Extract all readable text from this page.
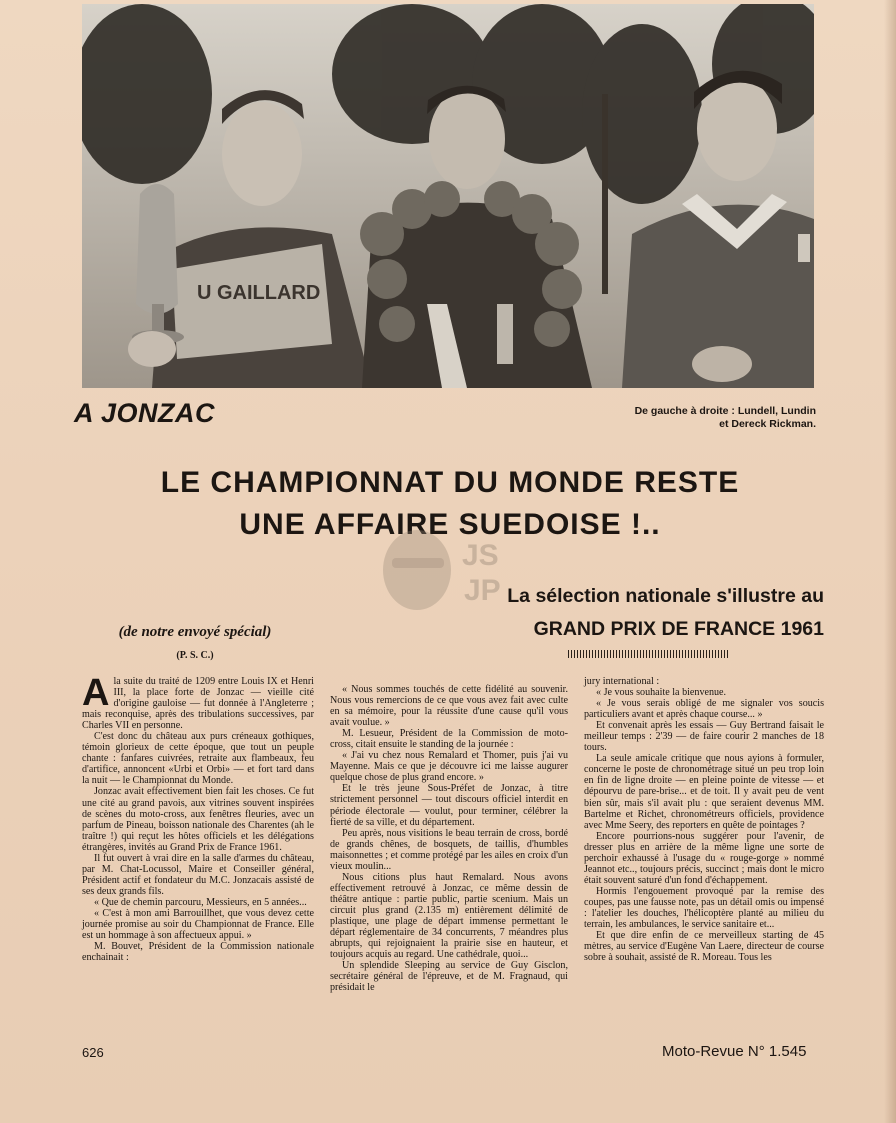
U GAILLARD
A JONZAC	De gauche à droite : Lundell, Lundin et Dereck Rickman.

LE CHAMPIONNAT DU MONDE RESTE
UNE AFFAIRE SUEDOISE !..
JS
JP La sélection nationale s'illustre au
GRAND PRIX DE FRANCE 1961

(de notre envoyé spécial)

(P. S. C.)

Ala suite du traité de 1209 entre Louis IX et Henri III, la place forte de Jonzac — vieille cité d'origine gauloise — fut donnée à l'Angleterre ; mais reconquise, après des tribulations successives, par Charles VII en personne.

C'est donc du château aux purs créneaux gothiques, témoin glorieux de cette époque, que tout un peuple chante : fanfares cuivrées, retraite aux flambeaux, feu d'artifice, annoncent «Urbi et Orbi» — et fort tard dans la nuit — le Championnat du Monde.

Jonzac avait effectivement bien fait les choses. Ce fut une cité au grand pavois, aux vitrines souvent inspirées de scènes du moto-cross, aux fenêtres fleuries, avec un parfum de Pineau, boisson nationale des Charentes (ah le traître !) qui reçut les hôtes officiels et les délégations étrangères, invités au Grand Prix de France 1961.

Il fut ouvert à vrai dire en la salle d'armes du château, par M. Chat-Locussol, Maire et Conseiller général, Président actif et fondateur du M.C. Jonzacais assisté de ses deux grands fils.

« Que de chemin parcouru, Messieurs, en 5 années...

« C'est à mon ami Barrouillhet, que vous devez cette journée promise au soir du Championnat de France. Elle est un hommage à son affectueux appui. »

M. Bouvet, Président de la Commission nationale enchainait :

« Nous sommes touchés de cette fidélité au souvenir. Nous vous remercions de ce que vous avez fait avec culte en sa mémoire, pour la réussite d'une cause qu'il vous avait voulue. »

M. Lesueur, Président de la Commission de moto-cross, citait ensuite le standing de la journée :

« J'ai vu chez nous Remalard et Thomer, puis j'ai vu Mayenne. Mais ce que je découvre ici me laisse augurer quelque chose de plus grand encore. »

Et le très jeune Sous-Préfet de Jonzac, à titre strictement personnel — tout discours officiel interdit en période électorale — voulut, pour terminer, célébrer la fierté de sa ville, et du département.

Peu après, nous visitions le beau terrain de cross, bordé de grands chênes, de bosquets, de taillis, d'humbles maisonnettes ; et comme protégé par les ailes en croix d'un vieux moulin...

Nous citions plus haut Remalard. Nous avons effectivement retrouvé à Jonzac, ce même dessin de théâtre antique : partie public, partie scenium. Mais un circuit plus grand (2.135 m) entièrement délimité de plastique, une plage de départ immense permettant le départ réglementaire de 34 concurrents, 7 méandres plus abrupts, qui rejoignaient la prairie sise en hauteur, et toujours acquis au regard. Une cathédrale, quoi...

Un splendide Sleeping au service de Guy Gisclon, secrétaire général de l'épreuve, et de M. Fragnaud, qui présidait le

jury international :

« Je vous souhaite la bienvenue.

« Je vous serais obligé de me signaler vos soucis particuliers avant et après chaque course... »

Et convenait après les essais — Guy Bertrand faisait le meilleur temps : 2'39 — de faire courir 2 manches de 18 tours.

La seule amicale critique que nous ayions à formuler, concerne le poste de chronométrage situé un peu trop loin en fin de ligne droite — en pleine pointe de vitesse — et dépourvu de pare-brise... et de toit. Il y avait peu de vent bien sûr, mais s'il avait plu : que seraient devenus MM. Bartelme et Richet, chronométreurs officiels, providence avec Mme Seery, des reporters en quête de pointages ?

Encore pourrions-nous suggérer pour l'avenir, de dresser plus en arrière de la même ligne une sorte de perchoir exhaussé à l'usage du « rouge-gorge » nommé Jeannot etc.., toujours précis, succinct ; mais dont le micro était souvent saturé d'un fond d'échappement.

Hormis l'engouement provoqué par la remise des coupes, pas une fausse note, pas un détail omis ou impensé : l'atelier les douches, l'hélicoptère planté au milieu du terrain, les ambulances, le service sanitaire et...

Et que dire enfin de ce merveilleux starting de 45 mètres, au service d'Eugène Van Laere, directeur de course sobre à souhait, assisté de R. Moreau. Tous les

626	Moto-Revue N° 1.545
